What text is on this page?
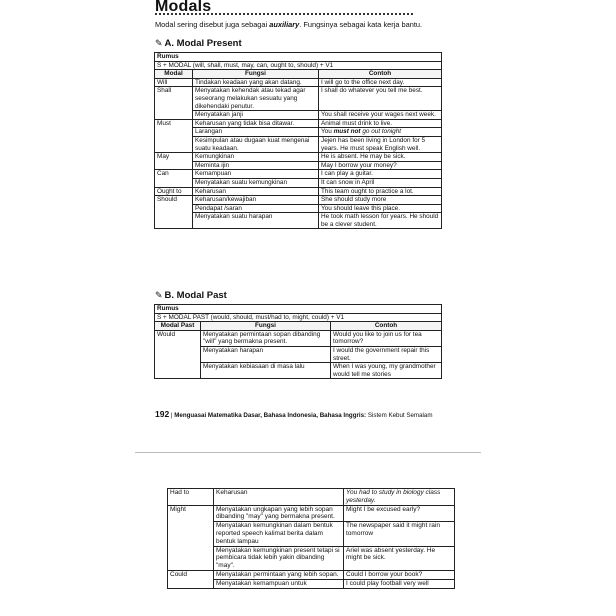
Modals
Modal sering disebut juga sebagai auxiliary. Fungsinya sebagai kata kerja bantu.
✎ A. Modal Present
Rumus		
S + MODAL (will, shall, must, may, can, ought to, should) + V1		
Modal	Fungsi	Contoh
Will	Tindakan keadaan yang akan datang.	I will go to the office next day.
Shall	Menyatakan kehendak atau tekad agar seseorang melakukan sesuatu yang dikehendaki penutur.	I shall do whatever you tell me best.
	Menyatakan janji	You shall receive your wages next week.
Must	Keharusan yang tidak bisa ditawar.	Animal must drink to live.
	Larangan	You must not go out tonight
	Kesimpulan atau dugaan kuat mengenai suatu keadaan.	Jejen has been living in London for 5 years. He must speak English well.
May	Kemungkinan	He is absent. He may be sick.
	Meminta ijin	May I borrow your money?
Can	Kemampuan	I can play a guitar.
	Menyatakan suatu kemungkinan	It can snow in April
Ought to	Keharusan	This team ought to practice a lot.
Should	Keharusan/kewajiban	She should study more
	Pendapat /saran	You should leave this place.
	Menyatakan suatu harapan	He took math lesson for years. He should be a clever student.
✎ B. Modal Past
Rumus		
S + MODAL PAST (would, should, must/had to, might, could) + V1		
Modal Past	Fungsi	Contoh
Would	Menyatakan permintaan sopan dibanding "will" yang bermakna present.	Would you like to join us for tea tomorrow?
	Menyatakan harapan	I would the government repair this street.
	Menyatakan kebiasaan di masa lalu	When I was young, my grandmother would tell me stories
192 | Menguasai Matematika Dasar, Bahasa Indonesia, Bahasa Inggris: Sistem Kebut Semalam
Had to	Keharusan	You had to study in biology class yesterday.
Might	Menyatakan ungkapan yang lebih sopan dibanding "may" yang bermakna present.	Might I be excused early?
	Menyatakan kemungkinan dalam bentuk reported speech kalimat berita dalam bentuk lampau	The newspaper said it might rain tomorrow
	Menyatakan kemungkinan present tetapi si pembicara tidak lebih yakin dibanding "may".	Ariel was absent yesterday. He might be sick.
Could	Menyatakan permintaan yang lebih sopan.	Could I borrow your book?
	Menyatakan kemampuan untuk	I could play football very well
